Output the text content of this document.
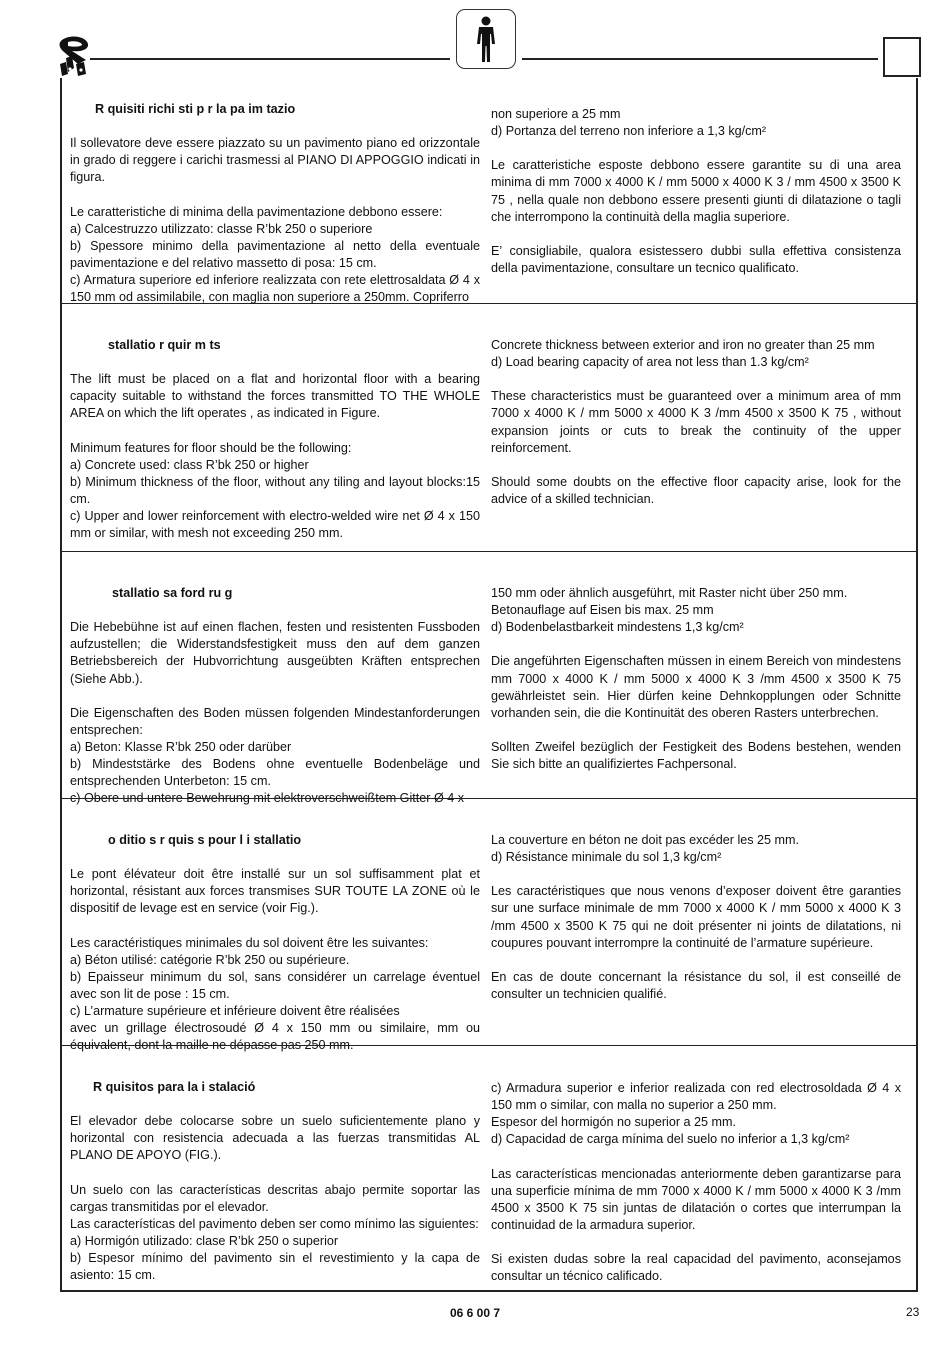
R quisiti richi sti p r la pa im tazio
Il sollevatore deve essere piazzato su un pavimento piano ed orizzontale in grado di reggere i carichi trasmessi al PIANO DI APPOGGIO indicati in figura.

Le caratteristiche di minima della pavimentazione debbono essere:
a) Calcestruzzo utilizzato: classe R’bk 250 o superiore
b) Spessore minimo della pavimentazione al netto della eventuale pavimentazione e del relativo massetto di posa: 15 cm.
c) Armatura superiore ed inferiore realizzata con rete elettrosaldata Ø 4 x 150 mm od assimilabile, con maglia non superiore a 250mm. Copriferro

non superiore a 25 mm
d) Portanza del terreno non inferiore a 1,3 kg/cm²

Le caratteristiche esposte debbono essere garantite su di una area minima di mm 7000 x 4000 K / mm 5000 x 4000 K 3 / mm 4500 x 3500 K 75 , nella quale non debbono essere presenti giunti di dilatazione o tagli che interrompono la continuità della maglia superiore.

E’ consigliabile, qualora esistessero dubbi sulla effettiva consistenza della pavimentazione, consultare un tecnico qualificato.

stallatio r quir m ts
The lift must be placed on a flat and horizontal floor with a bearing capacity suitable to withstand the forces transmitted TO THE WHOLE AREA on which the lift operates , as indicated in Figure.

Minimum features for floor should be the following:
a) Concrete used: class R’bk 250 or higher
b) Minimum thickness of the floor, without any tiling and layout blocks:15 cm.
c) Upper and lower reinforcement with electro-welded wire net Ø 4 x 150 mm or similar, with mesh not exceeding 250 mm.

Concrete thickness between exterior and iron no greater than 25 mm
d) Load bearing capacity of area not less than 1.3 kg/cm²

These characteristics must be guaranteed over a minimum area of mm 7000 x 4000 K / mm 5000 x 4000 K 3 /mm 4500 x 3500 K 75 , without expansion joints or cuts to break the continuity of the upper reinforcement.

Should some doubts on the effective floor capacity arise, look for the advice of a skilled technician.

stallatio sa ford ru g
Die Hebebühne ist auf einen flachen, festen und resistenten Fussboden aufzustellen; die Widerstandsfestigkeit muss den auf dem ganzen Betriebsbereich der Hubvorrichtung ausgeübten Kräften entsprechen (Siehe Abb.).

Die Eigenschaften des Boden müssen folgenden Mindestanforderungen entsprechen:
a) Beton: Klasse R’bk 250 oder darüber
b) Mindeststärke des Bodens ohne eventuelle Bodenbeläge und entsprechenden Unterbeton: 15 cm.
c) Obere und untere Bewehrung mit elektroverschweißtem Gitter Ø 4 x

150 mm oder ähnlich ausgeführt, mit Raster nicht über 250 mm.
Betonauflage auf Eisen bis max. 25 mm
d) Bodenbelastbarkeit mindestens 1,3 kg/cm²

Die angeführten Eigenschaften müssen in einem Bereich von mindestens mm 7000 x 4000 K / mm 5000 x 4000 K 3 /mm 4500 x 3500 K 75 gewährleistet sein. Hier dürfen keine Dehnkopplungen oder Schnitte vorhanden sein, die die Kontinuität des oberen Rasters unterbrechen.

Sollten Zweifel bezüglich der Festigkeit des Bodens bestehen, wenden Sie sich bitte an qualifiziertes Fachpersonal.

o ditio s r quis s pour l i stallatio
Le pont élévateur doit être installé sur un sol suffisamment plat et horizontal, résistant aux forces transmises SUR TOUTE LA ZONE où le dispositif de levage est en service (voir Fig.).

Les caractéristiques minimales du sol doivent être les suivantes:
a) Béton utilisé: catégorie R’bk 250 ou supérieure.
b) Epaisseur minimum du sol, sans considérer un carrelage éventuel avec son lit de pose : 15 cm.
c) L’armature supérieure et inférieure doivent être réalisées
avec un grillage électrosoudé Ø 4 x 150 mm ou similaire, mm ou équivalent, dont la maille ne dépasse pas 250 mm.

La couverture en béton ne doit pas excéder les 25 mm.
d) Résistance minimale du sol 1,3 kg/cm²

Les caractéristiques que nous venons d’exposer doivent être garanties sur une surface minimale de mm 7000 x 4000 K / mm 5000 x 4000 K 3 /mm 4500 x 3500 K 75 qui ne doit présenter ni joints de dilatations, ni coupures pouvant interrompre la continuité de l’armature supérieure.

En cas de doute concernant la résistance du sol, il est conseillé de consulter un technicien qualifié.

R quisitos para la i stalació
El elevador debe colocarse sobre un suelo suficientemente plano y horizontal con resistencia adecuada a las fuerzas transmitidas AL PLANO DE APOYO (FIG.).

Un suelo con las características descritas abajo permite soportar las cargas transmitidas por el elevador.
Las características del pavimento deben ser como mínimo las siguientes:
a) Hormigón utilizado: clase R’bk 250 o superior
b) Espesor mínimo del pavimento sin el revestimiento y la capa de asiento: 15 cm.

c) Armadura superior e inferior realizada con red electrosoldada Ø 4 x 150 mm o similar, con malla no superior a 250 mm.
Espesor del hormigón no superior a 25 mm.
d) Capacidad de carga mínima del suelo no inferior a 1,3 kg/cm²

Las características mencionadas anteriormente deben garantizarse para una superficie mínima de mm 7000 x 4000 K / mm 5000 x 4000 K 3 /mm 4500 x 3500 K 75 sin juntas de dilatación o cortes que interrumpan la continuidad de la armadura superior.

Si existen dudas sobre la real capacidad del pavimento, aconsejamos consultar un técnico calificado.

06 6 00 7	23
